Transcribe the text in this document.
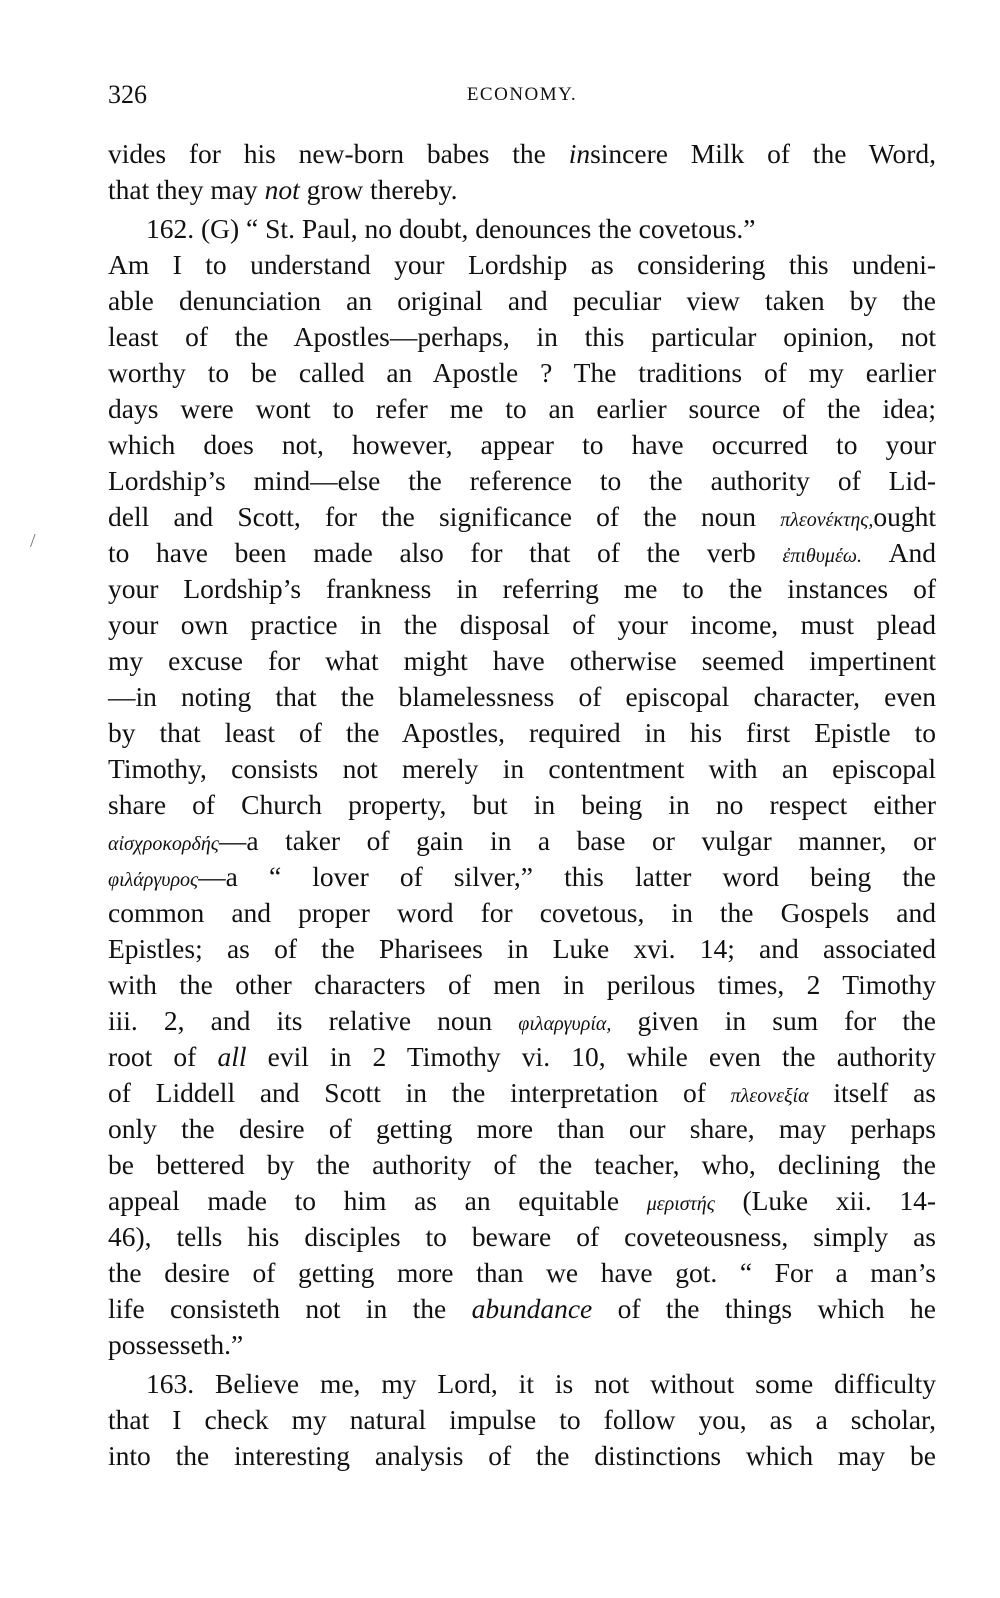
326	ECONOMY.
/
vides for his new-born babes the insincere Milk of the Word,
that they may not grow thereby.
162. (G) “ St. Paul, no doubt, denounces the covetous.”
Am I to understand your Lordship as considering this undeni-
able denunciation an original and peculiar view taken by the
least of the Apostles—perhaps, in this particular opinion, not
worthy to be called an Apostle ? The traditions of my earlier
days were wont to refer me to an earlier source of the idea;
which does not, however, appear to have occurred to your
Lordship’s mind—else the reference to the authority of Lid-
dell and Scott, for the significance of the noun πλεονέκτης,ought
to have been made also for that of the verb ἐπιθυμέω. And
your Lordship’s frankness in referring me to the instances of
your own practice in the disposal of your income, must plead
my excuse for what might have otherwise seemed impertinent
—in noting that the blamelessness of episcopal character, even
by that least of the Apostles, required in his first Epistle to
Timothy, consists not merely in contentment with an episcopal
share of Church property, but in being in no respect either
αἰσχροκορδής—a taker of gain in a base or vulgar manner, or
φιλάργυρος—a “ lover of silver,” this latter word being the
common and proper word for covetous, in the Gospels and
Epistles; as of the Pharisees in Luke xvi. 14; and associated
with the other characters of men in perilous times, 2 Timothy
iii. 2, and its relative noun φιλαργυρία, given in sum for the
root of all evil in 2 Timothy vi. 10, while even the authority
of Liddell and Scott in the interpretation of πλεονεξία itself as
only the desire of getting more than our share, may perhaps
be bettered by the authority of the teacher, who, declining the
appeal made to him as an equitable μεριστής (Luke xii. 14-
46), tells his disciples to beware of coveteousness, simply as
the desire of getting more than we have got. “ For a man’s
life consisteth not in the abundance of the things which he
possesseth.”
163. Believe me, my Lord, it is not without some difficulty
that I check my natural impulse to follow you, as a scholar,
into the interesting analysis of the distinctions which may be
